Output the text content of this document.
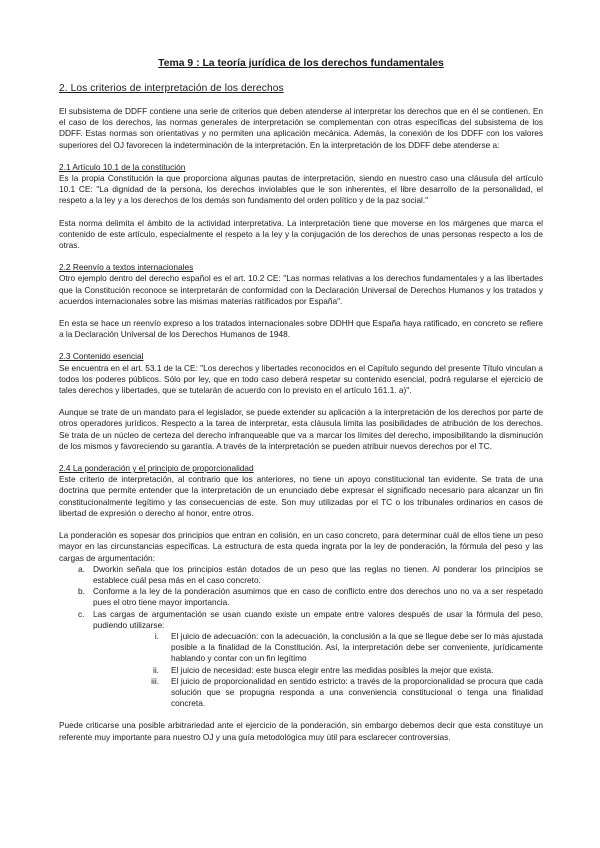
Tema 9 : La teoría jurídica de los derechos fundamentales
2. Los criterios de interpretación de los derechos

El subsistema de DDFF contiene una serie de criterios que deben atenderse al interpretar los derechos que en él se contienen. En el caso de los derechos, las normas generales de interpretación se complementan con otras específicas del subsistema de los DDFF. Estas normas son orientativas y no permiten una aplicación mecánica. Además, la conexión de los DDFF con los valores superiores del OJ favorecen la indeterminación de la interpretación. En la interpretación de los DDFF debe atenderse a:

2.1 Artículo 10.1 de la constitución

Es la propia Constitución la que proporciona algunas pautas de interpretación, siendo en nuestro caso una cláusula del artículo 10.1 CE: "La dignidad de la persona, los derechos inviolables que le son inherentes, el libre desarrollo de la personalidad, el respeto a la ley y a los derechos de los demás son fundamento del orden político y de la paz social."

Esta norma delimita el ámbito de la actividad interpretativa. La interpretación tiene que moverse en los márgenes que marca el contenido de este artículo, especialmente el respeto a la ley y la conjugación de los derechos de unas personas respecto a los de otras.

2.2 Reenvío a textos internacionales

Otro ejemplo dentro del derecho español es el art. 10.2 CE: "Las normas relativas a los derechos fundamentales y a las libertades que la Constitución reconoce se interpretarán de conformidad con la Declaración Universal de Derechos Humanos y los tratados y acuerdos internacionales sobre las mismas materias ratificados por España".

En esta se hace un reenvío expreso a los tratados internacionales sobre DDHH que España haya ratificado, en concreto se refiere a la Declaración Universal de los Derechos Humanos de 1948.

2.3 Contenido esencial

Se encuentra en el art. 53.1 de la CE: "Los derechos y libertades reconocidos en el Capítulo segundo del presente Título vinculan a todos los poderes públicos. Sólo por ley, que en todo caso deberá respetar su contenido esencial, podrá regularse el ejercicio de tales derechos y libertades, que se tutelarán de acuerdo con lo previsto en el artículo 161.1. a)".

Aunque se trate de un mandato para el legislador, se puede extender su aplicación a la interpretación de los derechos por parte de otros operadores jurídicos. Respecto a la tarea de interpretar, esta cláusula limita las posibilidades de atribución de los derechos. Se trata de un núcleo de certeza del derecho infranqueable que va a marcar los límites del derecho, imposibilitando la disminución de los mismos y favoreciendo su garantía. A través de la interpretación se pueden atribuir nuevos derechos por el TC.

2.4 La ponderación y el principio de proporcionalidad

Este criterio de interpretación, al contrario que los anteriores, no tiene un apoyo constitucional tan evidente. Se trata de una doctrina que permite entender que la interpretación de un enunciado debe expresar el significado necesario para alcanzar un fin constitucionalmente legítimo y las consecuencias de este. Son muy utilizadas por el TC o los tribunales ordinarios en casos de libertad de expresión o derecho al honor, entre otros.

La ponderación es sopesar dos principios que entran en colisión, en un caso concreto, para determinar cuál de ellos tiene un peso mayor en las circunstancias específicas. La estructura de esta queda ingrata por la ley de ponderación, la fórmula del peso y las cargas de argumentación:

a. Dworkin señala que los principios están dotados de un peso que las reglas no tienen. Al ponderar los principios se establece cuál pesa más en el caso concreto.
b. Conforme a la ley de la ponderación asumimos que en caso de conflicto entre dos derechos uno no va a ser respetado pues el otro tiene mayor importancia.
c. Las cargas de argumentación se usan cuando existe un empate entre valores después de usar la fórmula del peso, pudiendo utilizarse:
i. El juicio de adecuación: con la adecuación, la conclusión a la que se llegue debe ser lo más ajustada posible a la finalidad de la Constitución. Así, la interpretación debe ser conveniente, jurídicamente hablando y contar con un fin legítimo
ii. El juicio de necesidad: este busca elegir entre las medidas posibles la mejor que exista.
iii. El juicio de proporcionalidad en sentido estricto: a través de la proporcionalidad se procura que cada solución que se propugna responda a una conveniencia constitucional o tenga una finalidad concreta.

Puede criticarse una posible arbitrariedad ante el ejercicio de la ponderación, sin embargo debemos decir que esta constituye un referente muy importante para nuestro OJ y una guía metodológica muy útil para esclarecer controversias.
